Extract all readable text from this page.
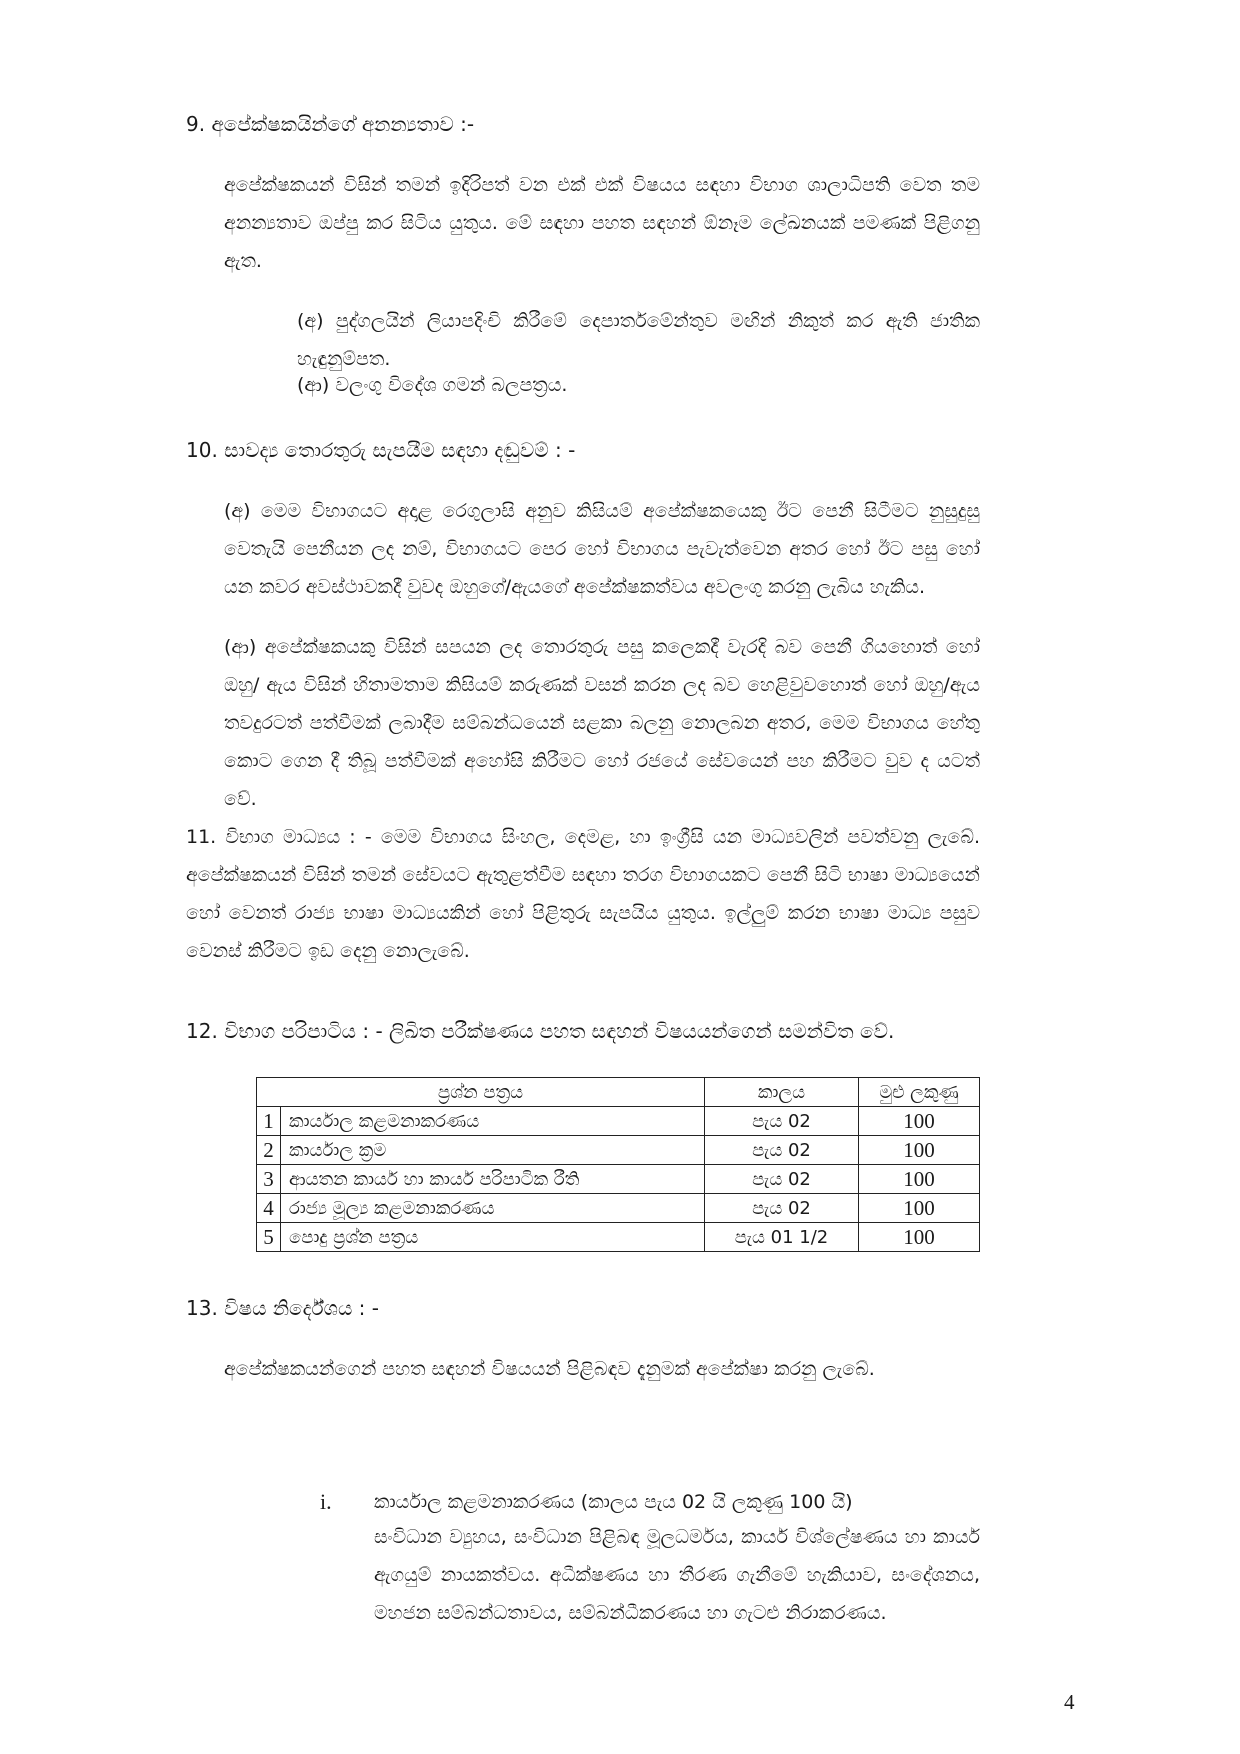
9. අපේක්ෂකයින්ගේ අනන්‍යතාව :-
අපේක්ෂකයන් විසින් තමන් ඉදිරිපත් වන එක් එක් විෂයය සඳහා විභාග ශාලාධිපති වෙත තම අනන්‍යතාව ඔප්පු කර සිටිය යුතුය. මේ සඳහා පහත සඳහන් ඕනෑම ලේඛනයක් පමණක් පිළිගනු ඇත.
(අ) පුද්ගලයින් ලියාපදිංචි කිරීමේ දෙපාර්තමේන්තුව මඟින් නිකුත් කර ඇති ජාතික හැඳුනුම්පත.
(ආ) වලංගු විදේශ ගමන් බලපත්‍රය.
10. සාවද්‍ය තොරතුරු සැපයීම සඳහා දඬුවම් : -
(අ) මෙම විභාගයට අදාළ රෙගුලාසි අනුව කිසියම් අපේක්ෂකයෙකු ඊට පෙනී සිටීමට නුසුදුසු වෙතැයි පෙනීයන ලද නම්, විභාගයට පෙර හෝ විභාගය පැවැත්වෙන අතර හෝ ඊට පසු හෝ යන කවර අවස්ථාවකදී වුවද ඔහුගේ/ඇයගේ අපේක්ෂකත්වය අවලංගු කරනු ලැබිය හැකිය.
(ආ) අපේක්ෂකයකු විසින් සපයන ලද තොරතුරු පසු කලෙකදී වැරදි බව පෙනී ගියහොත් හෝ ඔහු/ ඇය විසින් හිතාමතාම කිසියම් කරුණක් වසන් කරන ලද බව හෙළිවුවහොත් හෝ ඔහු/ඇය තවදුරටත් පත්වීමක් ලබාදීම සම්බන්ධයෙන් සළකා බලනු නොලබන අතර, මෙම විභාගය හේතු කොට ගෙන දී තිබූ පත්වීමක් අහෝසි කිරීමට හෝ රජයේ සේවයෙන් පහ කිරීමට වුව ද යටත් වේ.
11. විභාග මාධ්‍යය : - මෙම විභාගය සිංහල, දෙමළ, හා ඉංග්‍රීසි යන මාධ්‍යවලින් පවත්වනු ලැබේ. අපේක්ෂකයන් විසින් තමන් සේවයට ඇතුළත්වීම සඳහා තරග විභාගයකට පෙනී සිටි භාෂා මාධ්‍යයෙන් හෝ වෙනත් රාජ්‍ය භාෂා මාධ්‍යයකින් හෝ පිළිතුරු සැපයිය යුතුය. ඉල්ලුම් කරන භාෂා මාධ්‍ය පසුව වෙනස් කිරීමට ඉඩ දෙනු නොලැබේ.
12. විභාග පරිපාටිය : - ලිඛිත පරීක්ෂණය පහත සඳහන් විෂයයන්ගෙන් සමන්විත වේ.
ප්‍රශ්න පත්‍රය		කාලය	මුළු ලකුණු
1	කාර්යාල කළමනාකරණය	පැය 02	100
2	කාර්යාල ක්‍රම	පැය 02	100
3	ආයතන කාර්ය හා කාර්ය පරිපාටික රීති	පැය 02	100
4	රාජ්‍ය මූල්‍ය කළමනාකරණය	පැය 02	100
5	පොදු ප්‍රශ්න පත්‍රය	පැය 01 1/2	100
13. විෂය නිර්දේශය : -
අපේක්ෂකයන්ගෙන් පහත සඳහන් විෂයයන් පිළිබඳව දැනුමක් අපේක්ෂා කරනු ලැබේ.
i. කාර්යාල කළමනාකරණය (කාලය පැය 02 යි ලකුණු 100 යි)
සංවිධාන ව්‍යුහය, සංවිධාන පිළිබඳ මූලධර්මය, කාර්ය විශ්ලේෂණය හා කාර්ය ඇගයුම් නායකත්වය. අධීක්ෂණය හා තීරණ ගැනීමේ හැකියාව, සංදේශනය, මහජන සම්බන්ධතාවය, සම්බන්ධීකරණය හා ගැටළු නිරාකරණය.
4
